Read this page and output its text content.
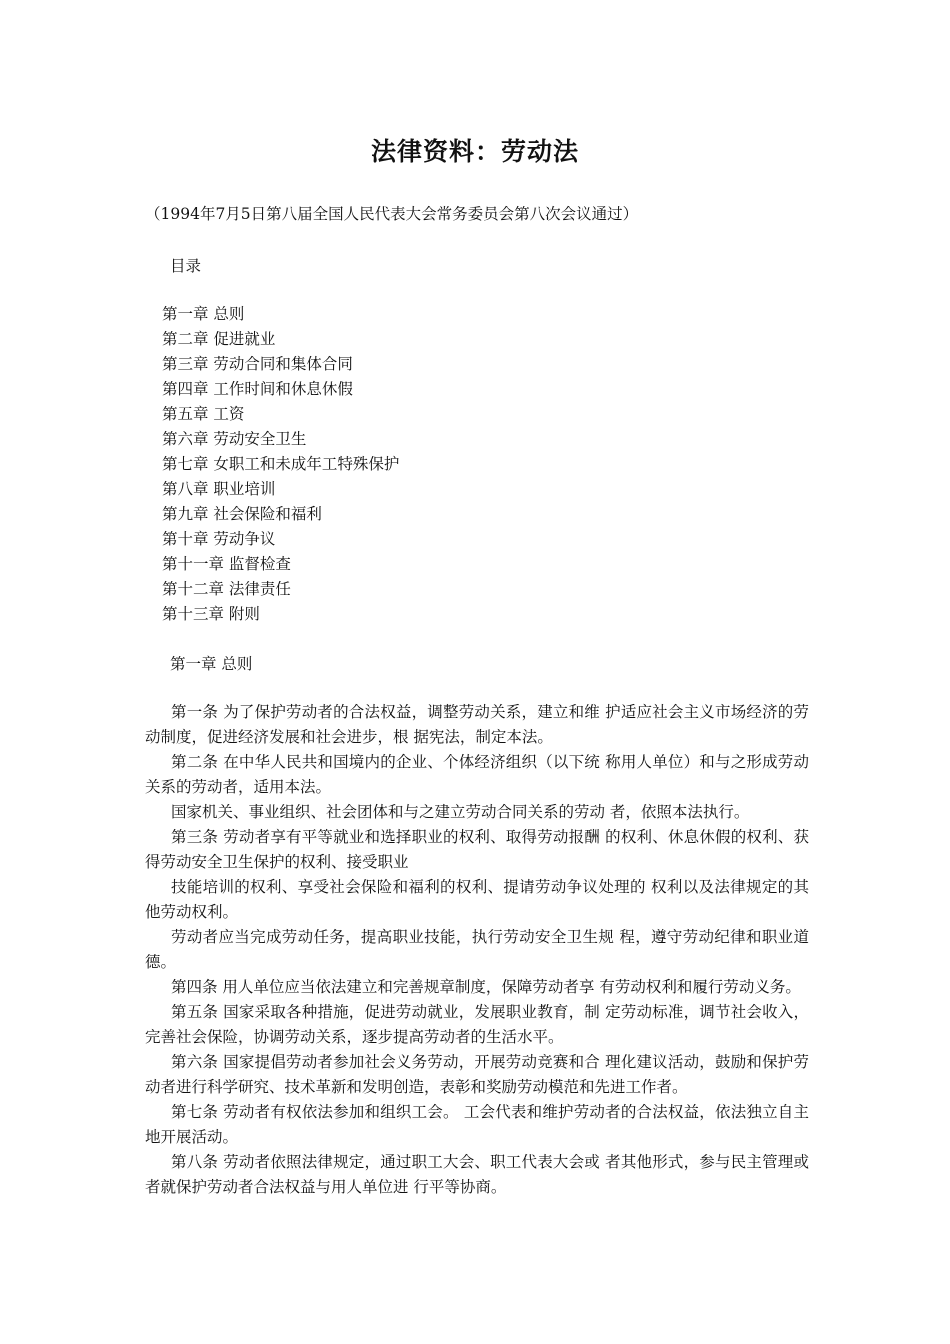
法律资料：劳动法
（1994年7月5日第八届全国人民代表大会常务委员会第八次会议通过）
目录
第一章 总则
第二章 促进就业
第三章 劳动合同和集体合同
第四章 工作时间和休息休假
第五章 工资
第六章 劳动安全卫生
第七章 女职工和未成年工特殊保护
第八章 职业培训
第九章 社会保险和福利
第十章 劳动争议
第十一章 监督检查
第十二章 法律责任
第十三章 附则
第一章 总则

第一条 为了保护劳动者的合法权益，调整劳动关系，建立和维 护适应社会主义市场经济的劳动制度，促进经济发展和社会进步，根 据宪法，制定本法。

第二条 在中华人民共和国境内的企业、个体经济组织（以下统 称用人单位）和与之形成劳动关系的劳动者，适用本法。

国家机关、事业组织、社会团体和与之建立劳动合同关系的劳动 者，依照本法执行。

第三条 劳动者享有平等就业和选择职业的权利、取得劳动报酬 的权利、休息休假的权利、获得劳动安全卫生保护的权利、接受职业

技能培训的权利、享受社会保险和福利的权利、提请劳动争议处理的 权利以及法律规定的其他劳动权利。

劳动者应当完成劳动任务，提高职业技能，执行劳动安全卫生规 程，遵守劳动纪律和职业道德。

第四条 用人单位应当依法建立和完善规章制度，保障劳动者享 有劳动权利和履行劳动义务。

第五条 国家采取各种措施，促进劳动就业，发展职业教育，制 定劳动标准，调节社会收入，完善社会保险，协调劳动关系，逐步提高劳动者的生活水平。

第六条 国家提倡劳动者参加社会义务劳动，开展劳动竞赛和合 理化建议活动，鼓励和保护劳动者进行科学研究、技术革新和发明创造，表彰和奖励劳动模范和先进工作者。

第七条 劳动者有权依法参加和组织工会。 工会代表和维护劳动者的合法权益，依法独立自主地开展活动。

第八条 劳动者依照法律规定，通过职工大会、职工代表大会或 者其他形式，参与民主管理或者就保护劳动者合法权益与用人单位进 行平等协商。
